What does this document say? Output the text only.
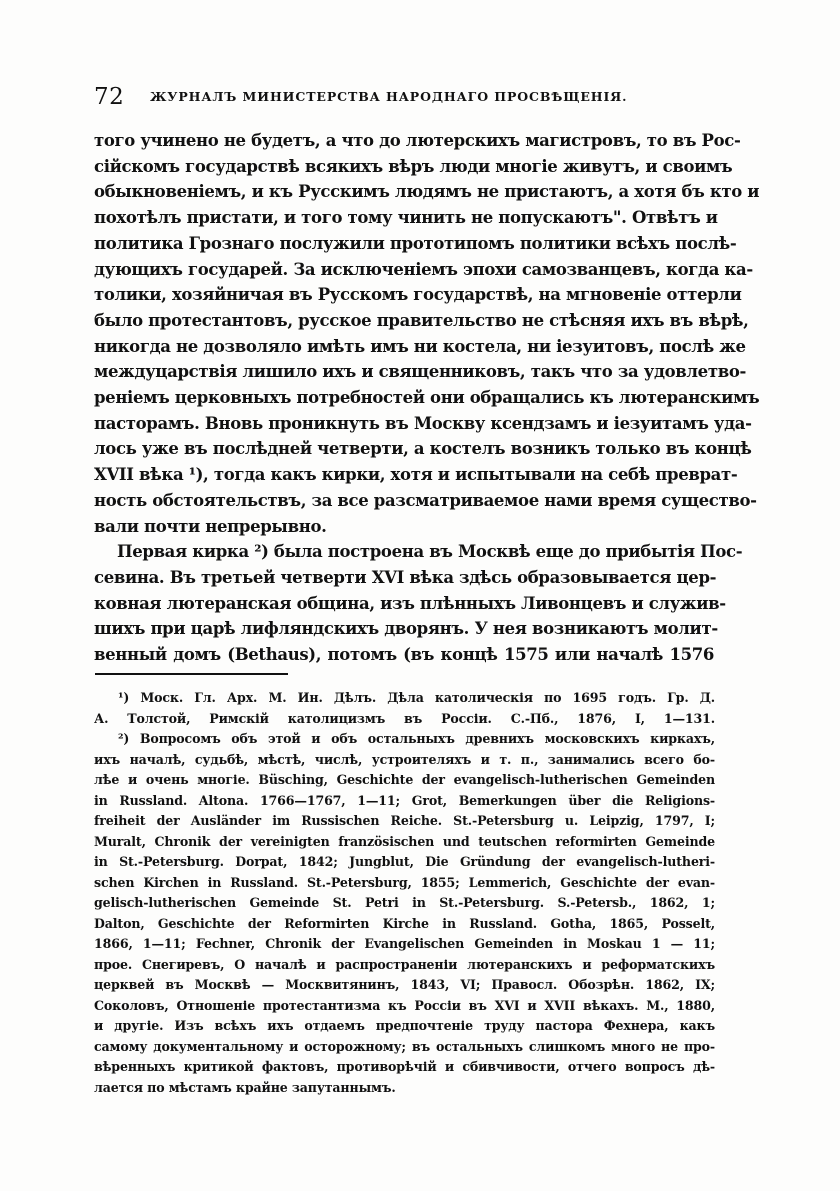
72 ЖУРНАЛЪ МИНИСТЕРСТВА НАРОДНАГО ПРОСВѢЩЕНІЯ.
того учинено не будетъ, а что до лютерскихъ магистровъ, то въ Рос-
сійскомъ государствѣ всякихъ вѣръ люди многіе живутъ, и своимъ
обыкновеніемъ, и къ Русскимъ людямъ не пристаютъ, а хотя бъ кто и
похотѣлъ пристати, и того тому чинить не попускаютъ". Отвѣтъ и
политика Грознаго послужили прототипомъ политики всѣхъ послѣ-
дующихъ государей. За исключеніемъ эпохи самозванцевъ, когда ка-
толики, хозяйничая въ Русскомъ государствѣ, на мгновеніе оттерли
было протестантовъ, русское правительство не стѣсняя ихъ въ вѣрѣ,
никогда не дозволяло имѣть имъ ни костела, ни іезуитовъ, послѣ же
междуцарствія лишило ихъ и священниковъ, такъ что за удовлетво-
реніемъ церковныхъ потребностей они обращались къ лютеранскимъ
пасторамъ. Вновь проникнуть въ Москву ксендзамъ и іезуитамъ уда-
лось уже въ послѣдней четверти, а костелъ возникъ только въ концѣ
XVII вѣка ¹), тогда какъ кирки, хотя и испытывали на себѣ преврат-
ность обстоятельствъ, за все разсматриваемое нами время существо-
вали почти непрерывно.
Первая кирка ²) была построена въ Москвѣ еще до прибытія Пос-
севина. Въ третьей четверти XVI вѣка здѣсь образовывается цер-
ковная лютеранская община, изъ плѣнныхъ Ливонцевъ и служив-
шихъ при царѣ лифляндскихъ дворянъ. У нея возникаютъ молит-
венный домъ (Bethaus), потомъ (въ концѣ 1575 или началѣ 1576
¹) Моск. Гл. Арх. М. Ин. Дѣлъ. Дѣла католическія по 1695 годъ. Гр. Д.
А. Толстой, Римскій католицизмъ въ Россіи. С.-Пб., 1876, I, 1—131.
²) Вопросомъ объ этой и объ остальныхъ древнихъ московскихъ киркахъ,
ихъ началѣ, судьбѣ, мѣстѣ, числѣ, устроителяхъ и т. п., занимались всего бо-
лѣе и очень многіе. Büsching, Geschichte der evangelisch-lutherischen Gemeinden
in Russland. Altona. 1766—1767, 1—11; Grot, Bemerkungen über die Religions-
freiheit der Ausländer im Russischen Reiche. St.-Petersburg u. Leipzig, 1797, I;
Muralt, Chronik der vereinigten französischen und teutschen reformirten Gemeinde
in St.-Petersburg. Dorpat, 1842; Jungblut, Die Gründung der evangelisch-lutheri-
schen Kirchen in Russland. St.-Petersburg, 1855; Lemmerich, Geschichte der evan-
gelisch-lutherischen Gemeinde St. Petri in St.-Petersburg. S.-Petersb., 1862, 1;
Dalton, Geschichte der Reformirten Kirche in Russland. Gotha, 1865, Posselt,
1866, 1—11; Fechner, Chronik der Evangelischen Gemeinden in Moskau 1 — 11;
прое. Снегиревъ, О началѣ и распространеніи лютеранскихъ и реформатскихъ
церквей въ Москвѣ — Москвитянинъ, 1843, VI; Правосл. Обозрѣн. 1862, IX;
Соколовъ, Отношеніе протестантизма къ Россіи въ XVI и XVII вѣкахъ. М., 1880,
и другіе. Изъ всѣхъ ихъ отдаемъ предпочтеніе труду пастора Фехнера, какъ
самому документальному и осторожному; въ остальныхъ слишкомъ много не про-
вѣренныхъ критикой фактовъ, противорѣчій и сбивчивости, отчего вопросъ дѣ-
лается по мѣстамъ крайне запутаннымъ.
